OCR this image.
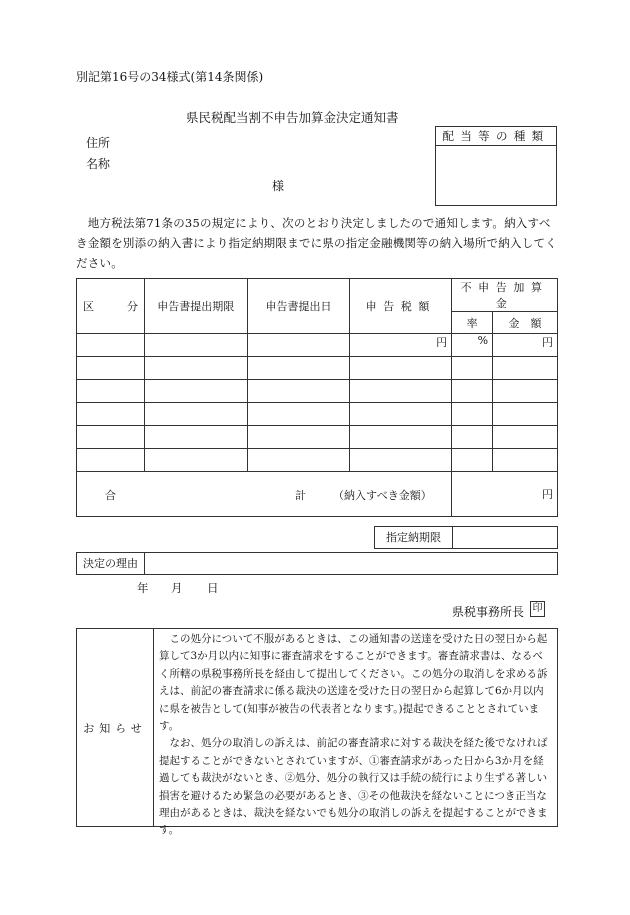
別記第16号の34様式(第14条関係)
県民税配当割不申告加算金決定通知書
住所
名称
様
配当等の種類
　地方税法第71条の35の規定により、次のとおり決定しましたので通知します。納入すべき金額を別添の納入書により指定納期限までに県の指定金融機関等の納入場所で納入してください。
区　　　分	申告書提出期限	申告書提出日	申告税額	不申告加算金	
				率	金　額
			円	%	円

合 計 （納入すべき金額）				円	
指定納期限
決定の理由
年 月 日
県税事務所長 印
お知らせ
　この処分について不服があるときは、この通知書の送達を受けた日の翌日から起算して3か月以内に知事に審査請求をすることができます。審査請求書は、なるべく所轄の県税事務所長を経由して提出してください。この処分の取消しを求める訴えは、前記の審査請求に係る裁決の送達を受けた日の翌日から起算して6か月以内に県を被告として(知事が被告の代表者となります。)提起できることとされています。
　なお、処分の取消しの訴えは、前記の審査請求に対する裁決を経た後でなければ提起することができないとされていますが、①審査請求があった日から3か月を経過しても裁決がないとき、②処分、処分の執行又は手続の続行により生ずる著しい損害を避けるため緊急の必要があるとき、③その他裁決を経ないことにつき正当な理由があるときは、裁決を経ないでも処分の取消しの訴えを提起することができます。
